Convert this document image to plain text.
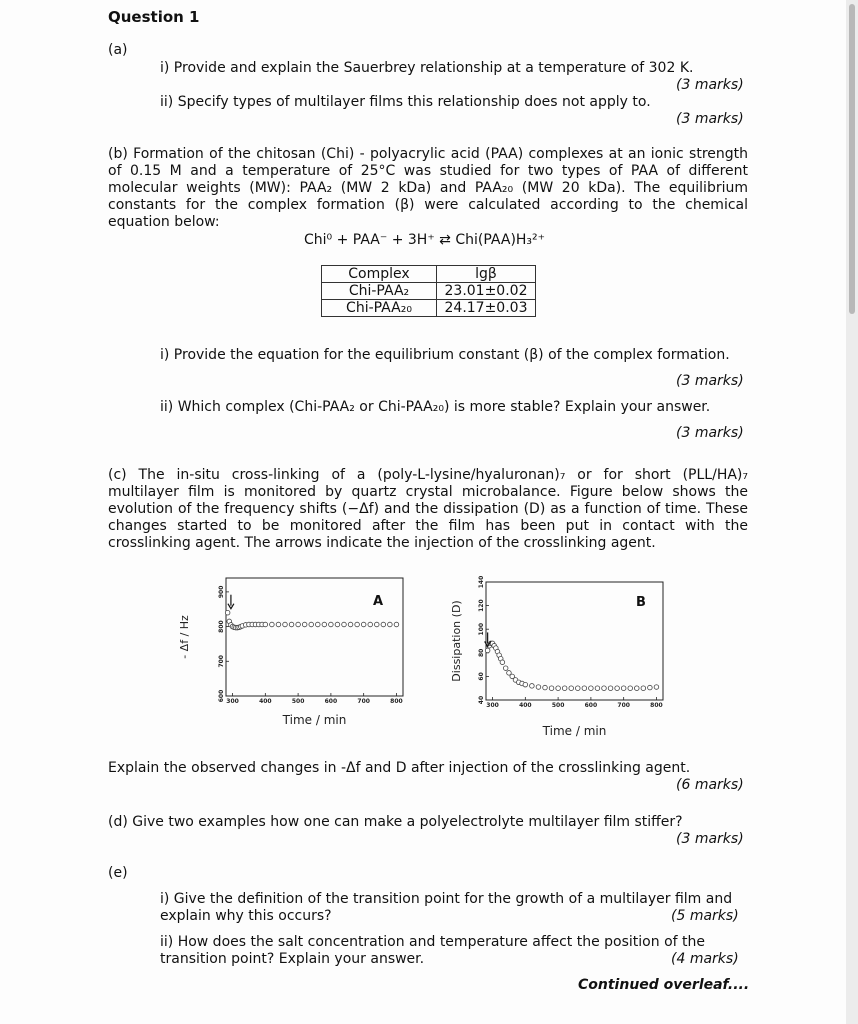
Question 1
(a)
i) Provide and explain the Sauerbrey relationship at a temperature of 302 K.
(3 marks)
ii) Specify types of multilayer films this relationship does not apply to.
(3 marks)
(b) Formation of the chitosan (Chi) - polyacrylic acid (PAA) complexes at an ionic strength of 0.15 M and a temperature of 25°C was studied for two types of PAA of different molecular weights (MW): PAA₂ (MW 2 kDa) and PAA₂₀ (MW 20 kDa). The equilibrium constants for the complex formation (β) were calculated according to the chemical equation below:
Chi⁰ + PAA⁻ + 3H⁺ ⇄ Chi(PAA)H₃²⁺
Complex	lgβ
Chi-PAA₂	23.01±0.02
Chi-PAA₂₀	24.17±0.03
i) Provide the equation for the equilibrium constant (β) of the complex formation.
(3 marks)
ii) Which complex (Chi-PAA₂ or Chi-PAA₂₀) is more stable? Explain your answer.
(3 marks)
(c) The in-situ cross-linking of a (poly-L-lysine/hyaluronan)₇ or for short (PLL/HA)₇ multilayer film is monitored by quartz crystal microbalance. Figure below shows the evolution of the frequency shifts (−Δf) and the dissipation (D) as a function of time. These changes started to be monitored after the film has been put in contact with the crosslinking agent. The arrows indicate the injection of the crosslinking agent.
300	400	500	600	700	800
600
700
800
900
A
- Δf / Hz
Time / min
300	400	500	600	700	800
40
60
80
100
120
140
B
Dissipation (D)
Time / min
Explain the observed changes in -Δf and D after injection of the crosslinking agent.
(6 marks)
(d) Give two examples how one can make a polyelectrolyte multilayer film stiffer?
(3 marks)
(e)
i) Give the definition of the transition point for the growth of a multilayer film and
explain why this occurs?	(5 marks)
ii) How does the salt concentration and temperature affect the position of the
transition point? Explain your answer.	(4 marks)
Continued overleaf....
